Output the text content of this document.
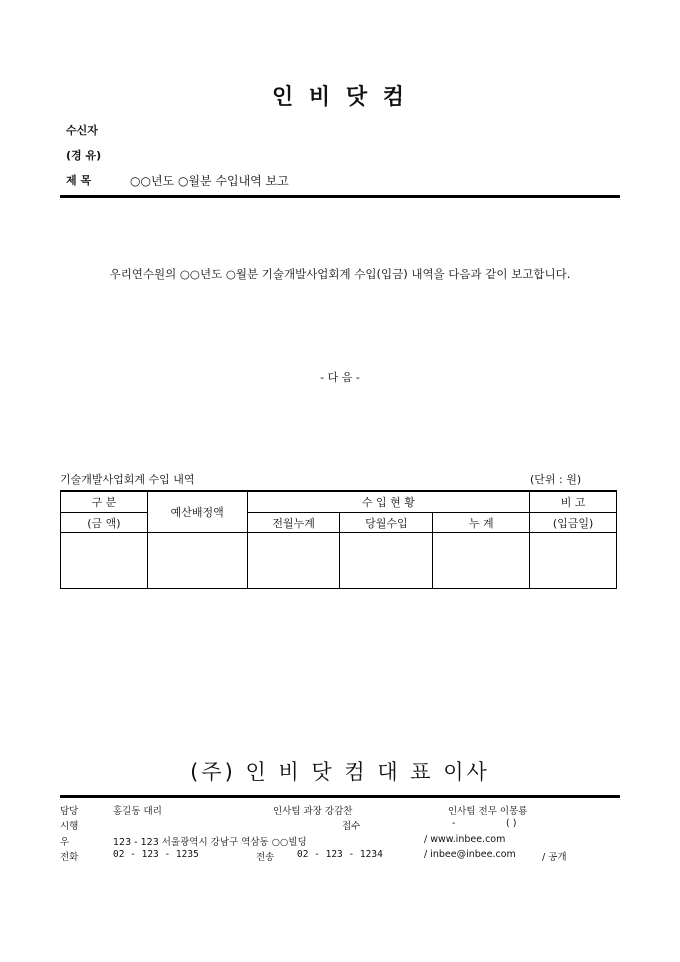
인 비 닷 컴
수신자
(경 유)
제 목	○○년도 ○월분 수입내역 보고
우리연수원의 ○○년도 ○월분 기술개발사업회계 수입(입금) 내역을 다음과 같이 보고합니다.
- 다 음 -
기술개발사업회계 수입 내역	(단위 : 원)
구 분	예산배정액	수 입 현 황			비 고
(금 액)		전월누계	당월수입	누 계	(입금일)

(주) 인 비 닷 컴 대 표 이사
담당	홍길동 대리	인사팀 과장 강감찬	인사팀 전무 이몽룡
시행	접수	-	( )
우	123 - 123 서울광역시 강남구 역삼동 ○○빌딩	/ www.inbee.com
전화	02 - 123 - 1235	전송 02 - 123 - 1234	/ inbee@inbee.com	/ 공개
